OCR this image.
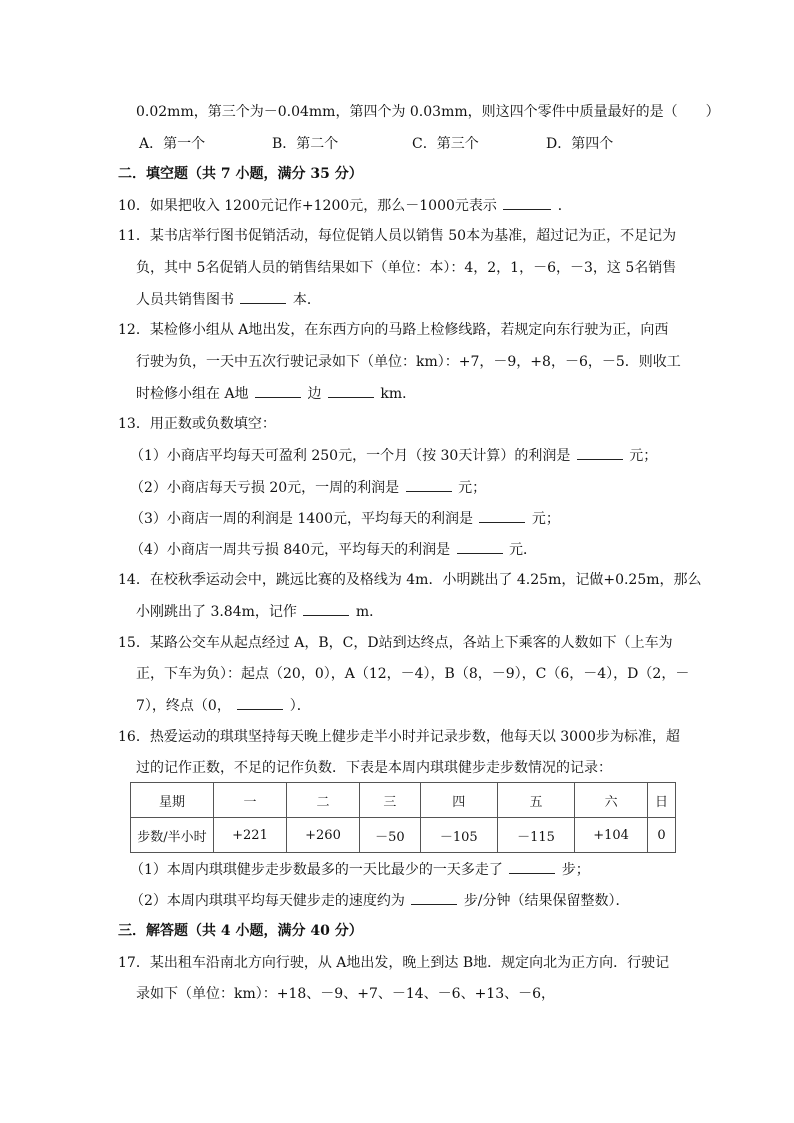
0.02mm，第三个为－0.04mm，第四个为 0.03mm，则这四个零件中质量最好的是（　　）
A．第一个	B．第二个	C．第三个	D．第四个
二．填空题（共 7 小题，满分 35 分）
10．如果把收入 1200元记作+1200元，那么－1000元表示	．
11．某书店举行图书促销活动，每位促销人员以销售 50本为基准，超过记为正，不足记为
负，其中 5名促销人员的销售结果如下（单位：本）：4，2，1，－6，－3，这 5名销售
人员共销售图书	本．
12．某检修小组从 A地出发，在东西方向的马路上检修线路，若规定向东行驶为正，向西
行驶为负，一天中五次行驶记录如下（单位：km）：+7，－9，+8，－6，－5．则收工
时检修小组在 A地	边	km．
13．用正数或负数填空：
（1）小商店平均每天可盈利 250元，一个月（按 30天计算）的利润是	元；
（2）小商店每天亏损 20元，一周的利润是	元；
（3）小商店一周的利润是 1400元，平均每天的利润是	元；
（4）小商店一周共亏损 840元，平均每天的利润是	元．
14．在校秋季运动会中，跳远比赛的及格线为 4m．小明跳出了 4.25m，记做+0.25m，那么
小刚跳出了 3.84m，记作	m．
15．某路公交车从起点经过 A，B，C，D站到达终点，各站上下乘客的人数如下（上车为
正，下车为负）：起点（20，0），A（12，－4），B（8，－9），C（6，－4），D（2，－
7），终点（0，	）．
16．热爱运动的琪琪坚持每天晚上健步走半小时并记录步数，他每天以 3000步为标准，超
过的记作正数，不足的记作负数．下表是本周内琪琪健步走步数情况的记录：
星期	一	二	三	四	五	六	日
步数/半小时	+221	+260	－50	－105	－115	+104	0
（1）本周内琪琪健步走步数最多的一天比最少的一天多走了	步；
（2）本周内琪琪平均每天健步走的速度约为	步/分钟（结果保留整数）．
三．解答题（共 4 小题，满分 40 分）
17．某出租车沿南北方向行驶，从 A地出发，晚上到达 B地．规定向北为正方向．行驶记
录如下（单位：km）：+18、－9、+7、－14、－6、+13、－6，
